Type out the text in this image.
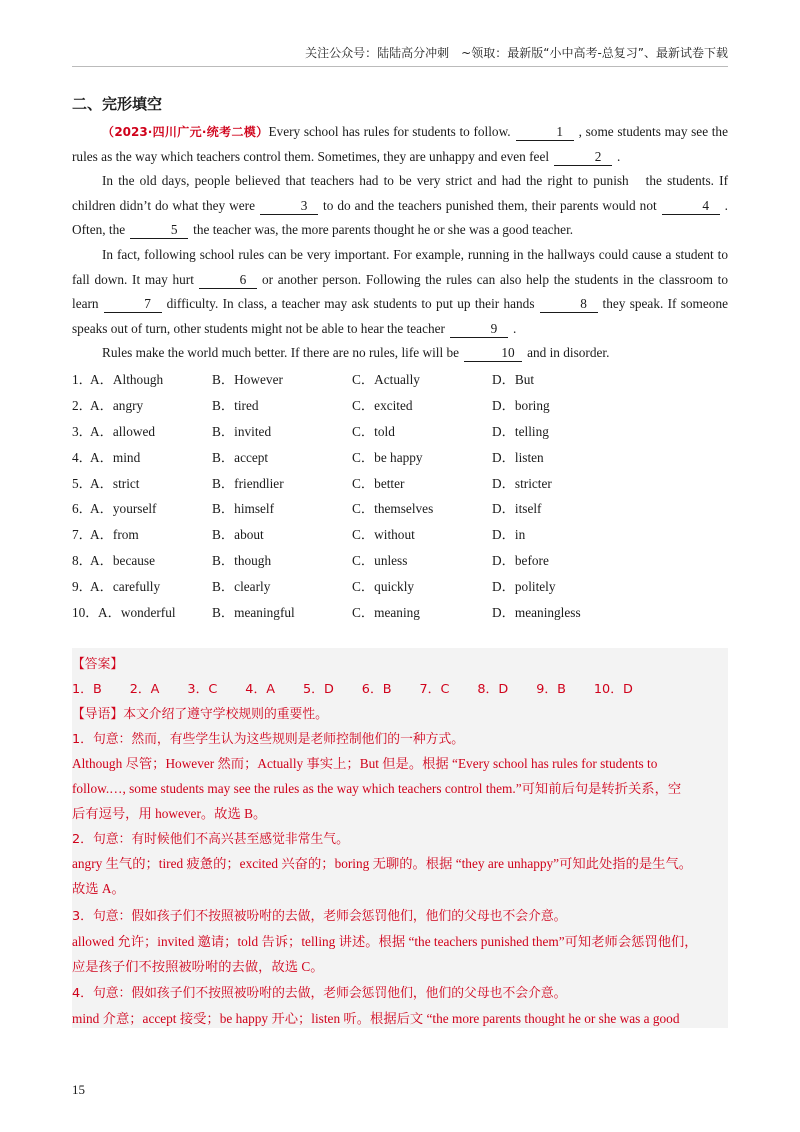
关注公众号：陆陆高分冲刺　~领取：最新版“小中高考-总复习”、最新试卷下载
二、完形填空

（2023·四川广元·统考二模）Every school has rules for students to follow.	1 , some students may see the rules as the way which teachers control them. Sometimes, they are unhappy and even feel	2 .

In the old days, people believed that teachers had to be very strict and had the right to punish　the students. If children didn’t do what they were	3 to do and the teachers punished them, their parents would not	4 . Often, the	5 the teacher was, the more parents thought he or she was a good teacher.

In fact, following school rules can be very important. For example, running in the hallways could cause a student to fall down. It may hurt	6 or another person. Following the rules can also help the students in the classroom to learn	7 difficulty. In class, a teacher may ask students to put up their hands	8 they speak. If someone speaks out of turn, other students might not be able to hear the teacher	9 .

Rules make the world much better. If there are no rules, life will be	10 and in disorder.

1．
A．Although	B．However	C．Actually	D．But
2．
A．angry	B．tired	C．excited	D．boring
3．
A．allowed	B．invited	C．told	D．telling
4．
A．mind	B．accept	C．be happy	D．listen
5．
A．strict	B．friendlier	C．better	D．stricter
6．
A．yourself	B．himself	C．themselves	D．itself
7．
A．from	B．about	C．without	D．in
8．
A．because	B．though	C．unless	D．before
9．
A．carefully	B．clearly	C．quickly	D．politely
10． A．wonderful	B．meaningful	C．meaning	D．meaningless
【答案】
1．B 2．A 3．C 4．A 5．D 6．B 7．C 8．D 9．B 10．D
【导语】本文介绍了遵守学校规则的重要性。
1．句意：然而，有些学生认为这些规则是老师控制他们的一种方式。
Although 尽管；However 然而；Actually 事实上；But 但是。根据 “Every school has rules for students to
follow.…, some students may see the rules as the way which teachers control them.”可知前后句是转折关系，空
后有逗号，用 however。故选 B。
2．句意：有时候他们不高兴甚至感觉非常生气。
angry 生气的；tired 疲惫的；excited 兴奋的；boring 无聊的。根据 “they are unhappy”可知此处指的是生气。
故选 A。
3．句意：假如孩子们不按照被吩咐的去做，老师会惩罚他们，他们的父母也不会介意。
allowed 允许；invited 邀请；told 告诉；telling 讲述。根据 “the teachers punished them”可知老师会惩罚他们，
应是孩子们不按照被吩咐的去做，故选 C。
4．句意：假如孩子们不按照被吩咐的去做，老师会惩罚他们，他们的父母也不会介意。
mind 介意；accept 接受；be happy 开心；listen 听。根据后文 “the more parents thought he or she was a good
15
